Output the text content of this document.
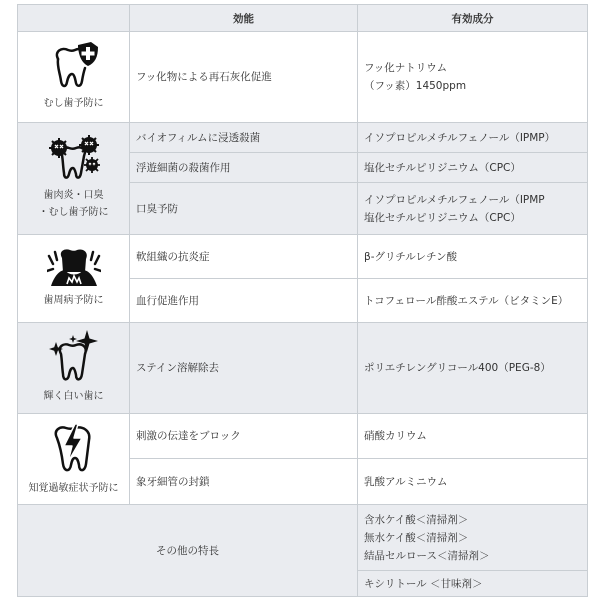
	効能	有効成分

むし歯予防に	フッ化物による再石灰化促進	フッ化ナトリウム
（フッ素）1450ppm

歯肉炎・口臭
・むし歯予防に	バイオフィルムに浸透殺菌	イソプロピルメチルフェノール（IPMP）
	浮遊細菌の殺菌作用	塩化セチルピリジニウム（CPC）
	口臭予防	イソプロピルメチルフェノール（IPMP
塩化セチルピリジニウム（CPC）

歯周病予防に	軟組織の抗炎症	β-グリチルレチン酸
	血行促進作用	トコフェロール酢酸エステル（ビタミンE）

輝く白い歯に	ステイン溶解除去	ポリエチレングリコール400（PEG-8）

知覚過敏症状予防に	刺激の伝達をブロック	硝酸カリウム
	象牙細管の封鎖	乳酸アルミニウム
その他の特長		含水ケイ酸＜清掃剤＞
無水ケイ酸＜清掃剤＞
結晶セルロース＜清掃剤＞

		キシリトール ＜甘味剤＞
